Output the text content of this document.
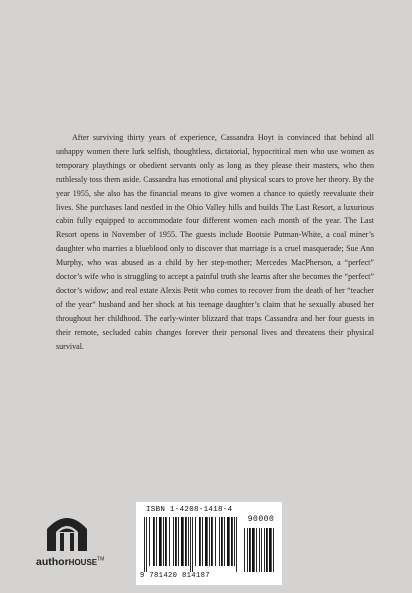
After surviving thirty years of experience, Cassandra Hoyt is convinced that behind all unhappy women there lurk selfish, thoughtless, dictatorial, hypocritical men who use women as temporary playthings or obedient servants only as long as they please their masters, who then ruthlessly toss them aside. Cassandra has emotional and physical scars to prove her theory. By the year 1955, she also has the financial means to give women a chance to quietly reevaluate their lives. She purchases land nestled in the Ohio Valley hills and builds The Last Resort, a luxurious cabin fully equipped to accommodate four different women each month of the year. The Last Resort opens in November of 1955. The guests include Bootsie Putman-White, a coal miner’s daughter who marries a blueblood only to discover that marriage is a cruel masquerade; Sue Ann Murphy, who was abused as a child by her step-mother; Mercedes MacPherson, a “perfect” doctor’s wife who is struggling to accept a painful truth she learns after she becomes the “perfect” doctor’s widow; and real estate Alexis Petit who comes to recover from the death of her “teacher of the year” husband and her shock at his teenage daughter’s claim that he sexually abused her throughout her childhood. The early-winter blizzard that traps Cassandra and her four guests in their remote, secluded cabin changes forever their personal lives and threatens their physical survival.

authorHOUSE™
ISBN 1-4208-1418-4
90000
9 781420 814187
